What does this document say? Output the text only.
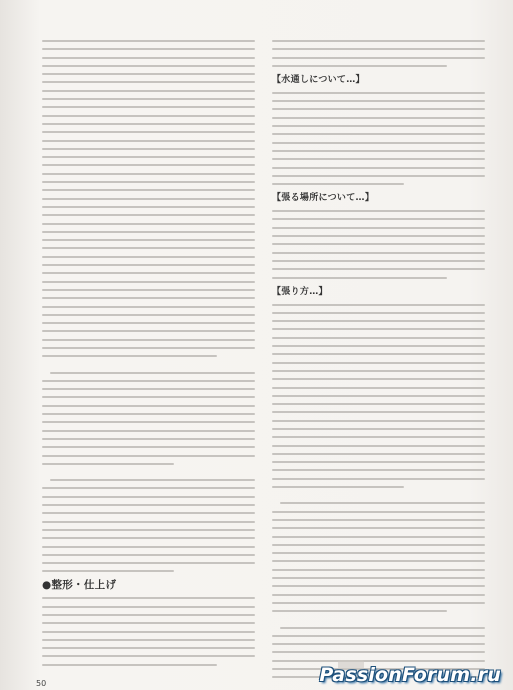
●整形・仕上げ
【水通しについて…】
【張る場所について…】
【張り方…】
50	PassionForum.ru
